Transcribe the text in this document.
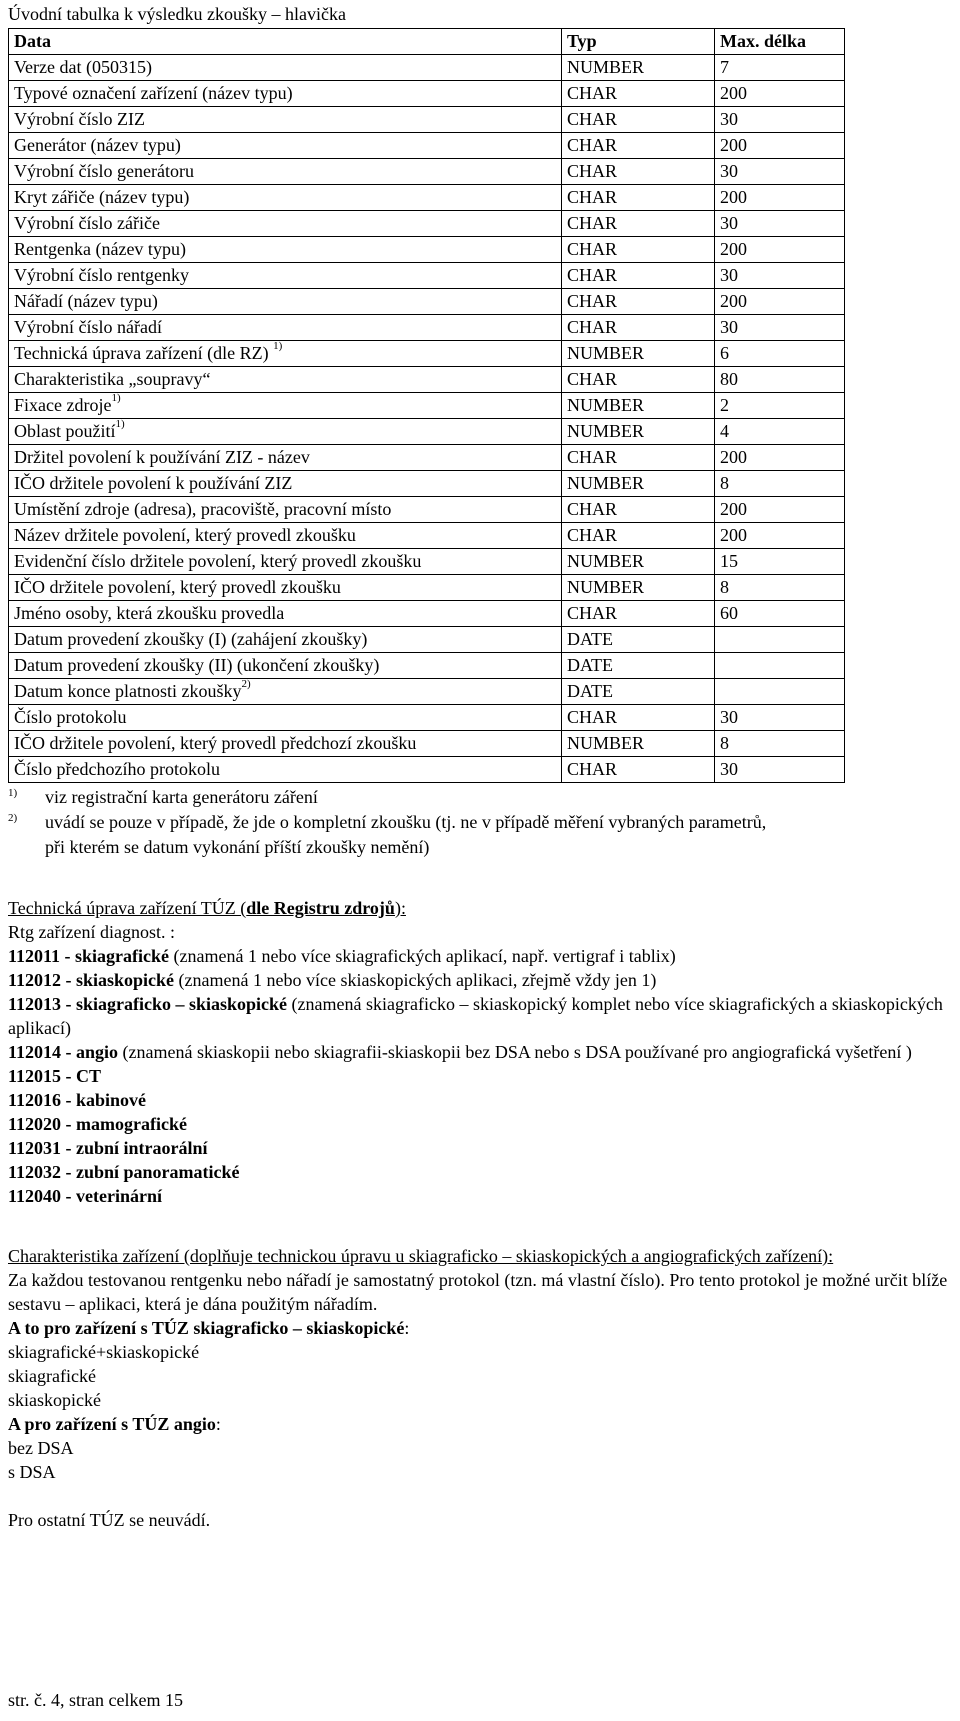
Úvodní tabulka k výsledku zkoušky – hlavička
Data	Typ	Max. délka
Verze dat (050315)	NUMBER	7
Typové označení zařízení (název typu)	CHAR	200
Výrobní číslo ZIZ	CHAR	30
Generátor (název typu)	CHAR	200
Výrobní číslo generátoru	CHAR	30
Kryt zářiče (název typu)	CHAR	200
Výrobní číslo zářiče	CHAR	30
Rentgenka (název typu)	CHAR	200
Výrobní číslo rentgenky	CHAR	30
Nářadí (název typu)	CHAR	200
Výrobní číslo nářadí	CHAR	30
Technická úprava zařízení (dle RZ) $^{1)}$	NUMBER	6
Charakteristika „soupravy“	CHAR	80
Fixace zdroje$^{1)}$	NUMBER	2
Oblast použití$^{1)}$	NUMBER	4
Držitel povolení k používání ZIZ - název	CHAR	200
IČO držitele povolení k používání ZIZ	NUMBER	8
Umístění zdroje (adresa), pracoviště, pracovní místo	CHAR	200
Název držitele povolení, který provedl zkoušku	CHAR	200
Evidenční číslo držitele povolení, který provedl zkoušku	NUMBER	15
IČO držitele povolení, který provedl zkoušku	NUMBER	8
Jméno osoby, která zkoušku provedla	CHAR	60
Datum provedení zkoušky (I) (zahájení zkoušky)	DATE	
Datum provedení zkoušky (II) (ukončení zkoušky)	DATE	
Datum konce platnosti zkoušky$^{2)}$	DATE	
Číslo protokolu	CHAR	30
IČO držitele povolení, který provedl předchozí zkoušku	NUMBER	8
Číslo předchozího protokolu	CHAR	30
1)	viz registrační karta generátoru záření
2)	uvádí se pouze v případě, že jde o kompletní zkoušku (tj. ne v případě měření vybraných parametrů,
při kterém se datum vykonání příští zkoušky nemění)
Technická úprava zařízení TÚZ (dle Registru zdrojů):
Rtg zařízení diagnost. :
112011 - skiagrafické (znamená 1 nebo více skiagrafických aplikací, např. vertigraf i tablix)
112012 - skiaskopické (znamená 1 nebo více skiaskopických aplikaci, zřejmě vždy jen 1)
112013 - skiagraficko – skiaskopické (znamená skiagraficko – skiaskopický komplet nebo více skiagrafických a skiaskopických aplikací)
112014 - angio (znamená skiaskopii nebo skiagrafii-skiaskopii bez DSA nebo s DSA používané pro angiografická vyšetření )
112015 - CT
112016 - kabinové
112020 - mamografické
112031 - zubní intraorální
112032 - zubní panoramatické
112040 - veterinární
Charakteristika zařízení (doplňuje technickou úpravu u skiagraficko – skiaskopických a angiografických zařízení):
Za každou testovanou rentgenku nebo nářadí je samostatný protokol (tzn. má vlastní číslo). Pro tento protokol je možné určit blíže sestavu – aplikaci, která je dána použitým nářadím.
A to pro zařízení s TÚZ skiagraficko – skiaskopické:
skiagrafické+skiaskopické
skiagrafické
skiaskopické
A pro zařízení s TÚZ angio:
bez DSA
s DSA
Pro ostatní TÚZ se neuvádí.
str. č. 4, stran celkem 15
